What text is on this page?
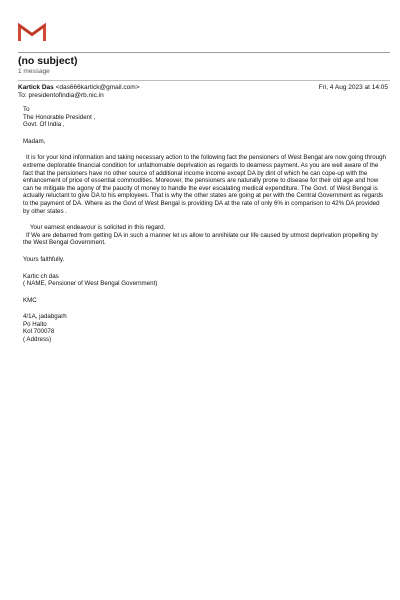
(no subject)
1 message
Kartick Das <das666kartick@gmail.com>
To: presidentofindia@rb.nic.in
Fri, 4 Aug 2023 at 14:05

To

The Honorable President ,

Govt. Of India ,

Madam,

It is for your kind information and taking necessary action to the following fact the pensioners of West Bengal are now going through extreme deplorable financial condition for unfathomable deprivation as regards to dearness payment. As you are well aware of the fact that the pensioners have no other source of additional income income except DA by dint of which he can cope-up with the enhancement of price of essential commodities. Moreover, the pensioners are naturally prone to disease for their old age and how can he mitigate the agony of the paucity of money to handle the ever escalating medical expenditure. The Govt. of West Bengal is actually reluctant to give DA to his employees. That is why the other states are going at per with the Central Government as regards to the payment of DA. Where as the Govt of West Bengal is providing DA at the rate of only 6% in comparison to 42% DA provided by other states .

Your earnest endeavour is solicited in this regard.

If We are debarred from getting DA in such a manner let us allow to annihilate our life caused by utmost deprivation propelling by the West Bengal Government.

Yours faithfully.

Kartic ch das

( NAME, Pensioner of West Bengal Government)

KMC

4/1A, jadabgarh

Po Halto

Kol 700078

( Address)
